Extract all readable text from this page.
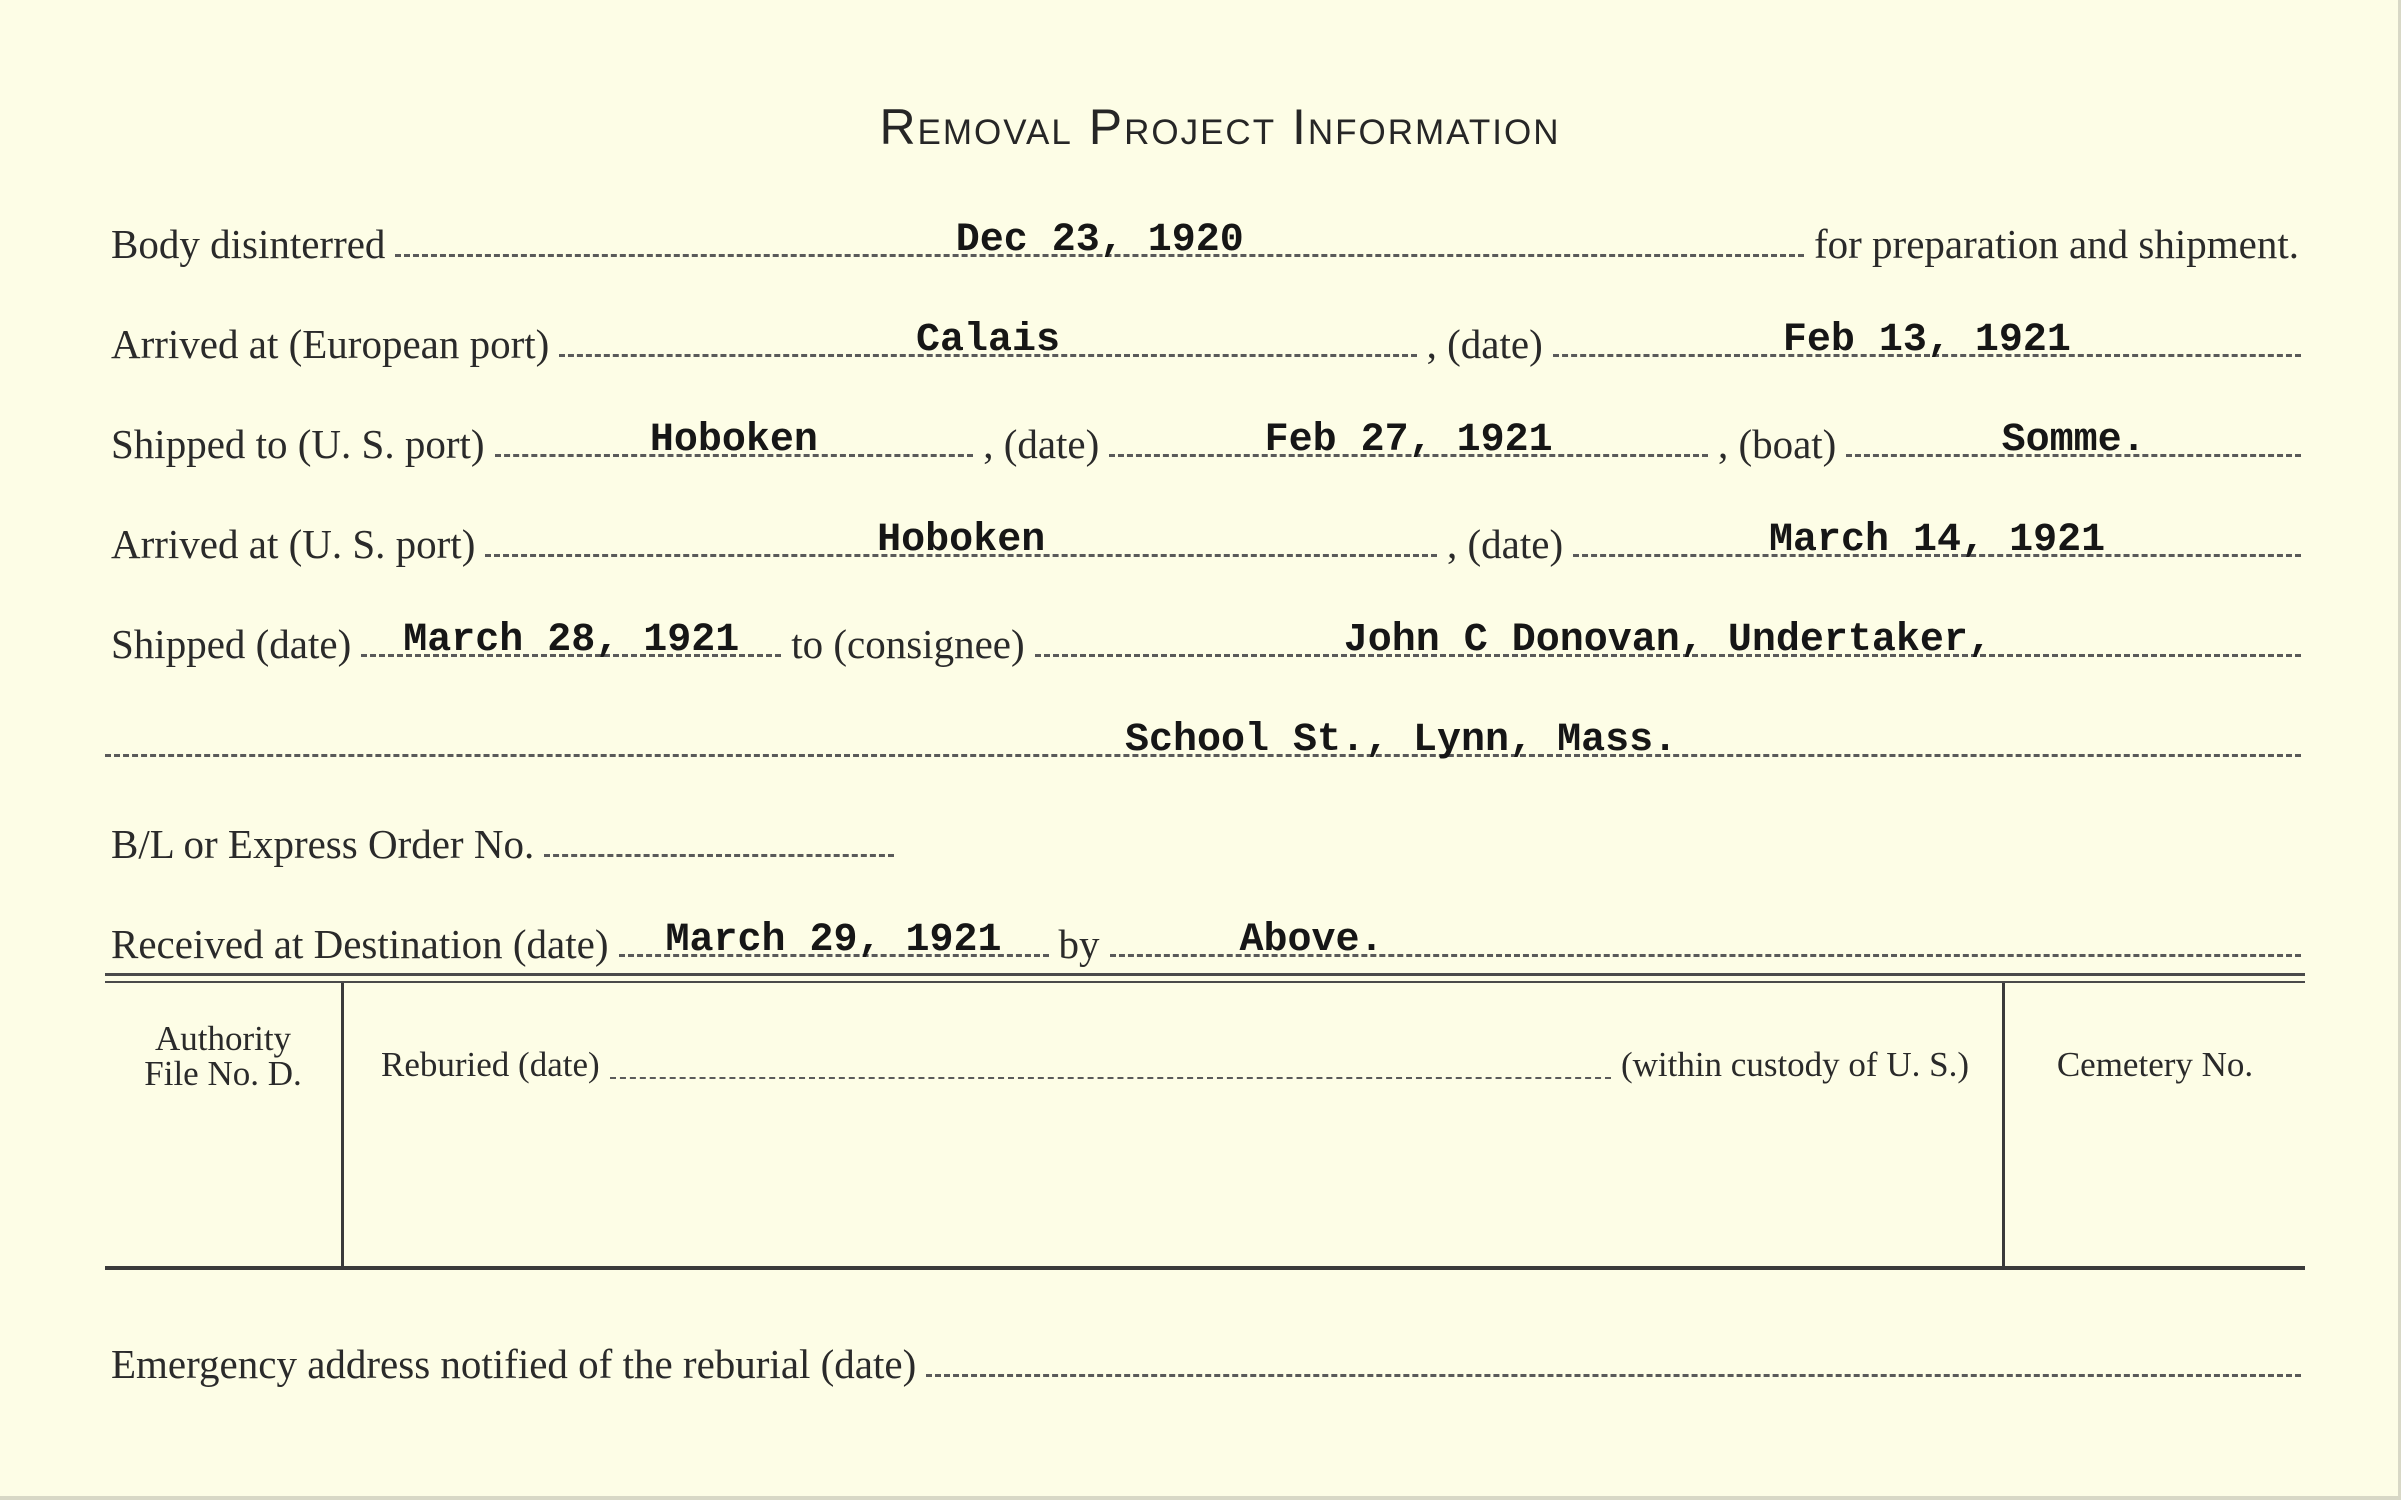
Removal Project Information
Body disinterred	Dec 23, 1920	for preparation and shipment.
Arrived at (European port)	Calais	, (date)	Feb 13, 1921
Shipped to (U. S. port)	Hoboken	, (date)	Feb 27, 1921	, (boat)	Somme.
Arrived at (U. S. port)	Hoboken	, (date)	March 14, 1921
Shipped (date)	March 28, 1921	to (consignee)	John C Donovan, Undertaker,
School St., Lynn, Mass.
B/L or Express Order No.
Received at Destination (date)	March 29, 1921	by	Above.
Authority
File No. D.	Reburied (date)	(within custody of U. S.)	Cemetery No.
Emergency address notified of the reburial (date)
